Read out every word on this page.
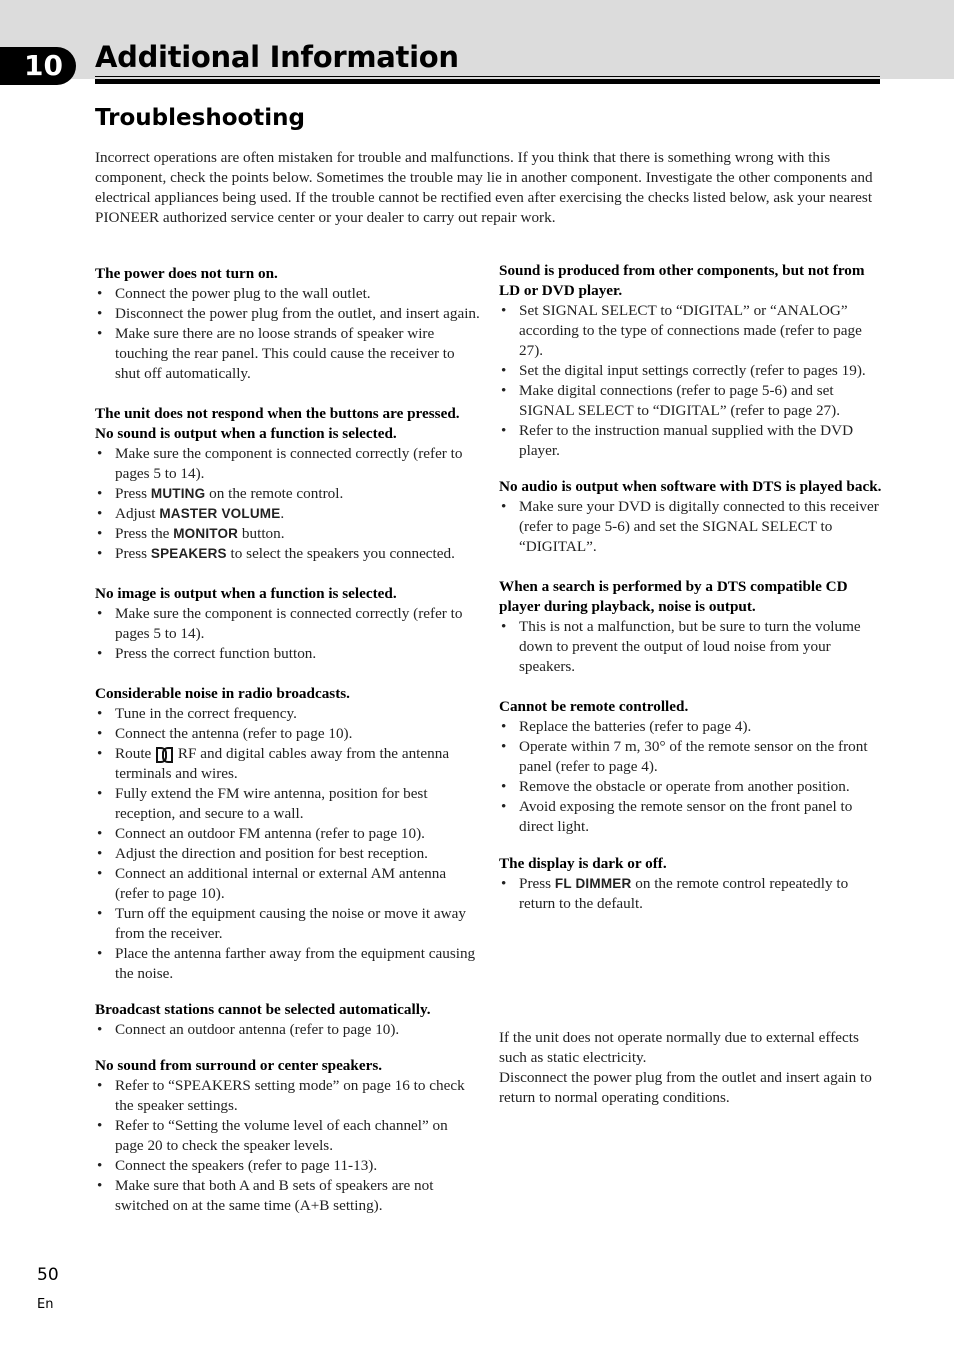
10	Additional Information
Troubleshooting

Incorrect operations are often mistaken for trouble and malfunctions. If you think that there is something wrong with this component, check the points below. Sometimes the trouble may lie in another component. Investigate the other components and electrical appliances being used. If the trouble cannot be rectified even after exercising the checks listed below, ask your nearest PIONEER authorized service center or your dealer to carry out repair work.

The power does not turn on.
• Connect the power plug to the wall outlet.
• Disconnect the power plug from the outlet, and insert again.
• Make sure there are no loose strands of speaker wire touching the rear panel. This could cause the receiver to shut off automatically.
The unit does not respond when the buttons are pressed.
No sound is output when a function is selected.
• Make sure the component is connected correctly (refer to pages 5 to 14).
• Press MUTING on the remote control.
• Adjust MASTER VOLUME.
• Press the MONITOR button.
• Press SPEAKERS to select the speakers you connected.
No image is output when a function is selected.
• Make sure the component is connected correctly (refer to pages 5 to 14).
• Press the correct function button.
Considerable noise in radio broadcasts.
• Tune in the correct frequency.
• Connect the antenna (refer to page 10).
• Route  RF and digital cables away from the antenna terminals and wires.
• Fully extend the FM wire antenna, position for best reception, and secure to a wall.
• Connect an outdoor FM antenna (refer to page 10).
• Adjust the direction and position for best reception.
• Connect an additional internal or external AM antenna (refer to page 10).
• Turn off the equipment causing the noise or move it away from the receiver.
• Place the antenna farther away from the equipment causing the noise.
Broadcast stations cannot be selected automatically.
• Connect an outdoor antenna (refer to page 10).
No sound from surround or center speakers.
• Refer to “SPEAKERS setting mode” on page 16 to check the speaker settings.
• Refer to “Setting the volume level of each channel” on page 20 to check the speaker levels.
• Connect the speakers (refer to page 11-13).
• Make sure that both A and B sets of speakers are not switched on at the same time (A+B setting).
Sound is produced from other components, but not from LD or DVD player.
• Set SIGNAL SELECT to “DIGITAL” or “ANALOG” according to the type of connections made (refer to page 27).
• Set the digital input settings correctly (refer to pages 19).
• Make digital connections (refer to page 5-6) and set SIGNAL SELECT to “DIGITAL” (refer to page 27).
• Refer to the instruction manual supplied with the DVD player.
No audio is output when software with DTS is played back.
• Make sure your DVD is digitally connected to this receiver (refer to page 5-6) and set the SIGNAL SELECT to “DIGITAL”.
When a search is performed by a DTS compatible CD player during playback, noise is output.
• This is not a malfunction, but be sure to turn the volume down to prevent the output of loud noise from your speakers.
Cannot be remote controlled.
• Replace the batteries (refer to page 4).
• Operate within 7 m, 30° of the remote sensor on the front panel (refer to page 4).
• Remove the obstacle or operate from another position.
• Avoid exposing the remote sensor on the front panel to direct light.
The display is dark or off.
• Press FL DIMMER on the remote control repeatedly to return to the default.

If the unit does not operate normally due to external effects such as static electricity.

Disconnect the power plug from the outlet and insert again to return to normal operating conditions.

50
En
